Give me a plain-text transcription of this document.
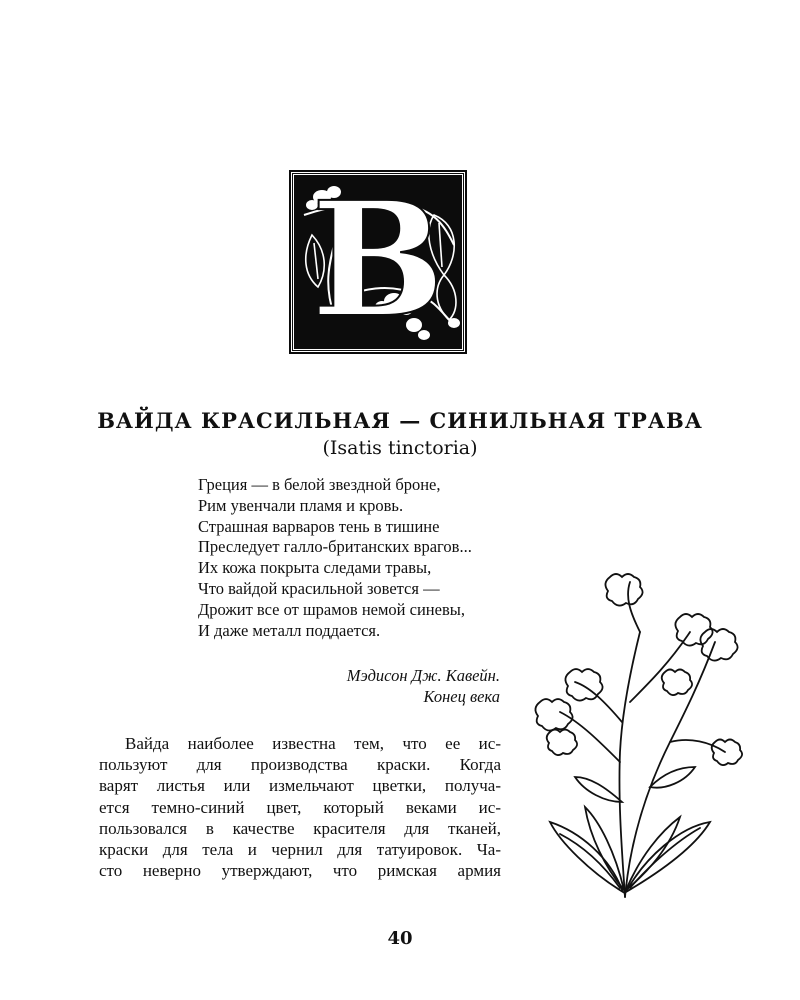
В
ВАЙДА КРАСИЛЬНАЯ — СИНИЛЬНАЯ ТРАВА
(Isatis tinctoria)
Греция — в белой звездной броне,
Рим увенчали пламя и кровь.
Страшная варваров тень в тишине
Преследует галло-британских врагов...
Их кожа покрыта следами травы,
Что вайдой красильной зовется —
Дрожит все от шрамов немой синевы,
И даже металл поддается.
Мэдисон Дж. Кавейн.
Конец века
Вайда наиболее известна тем, что ее ис-
пользуют для производства краски. Когда
варят листья или измельчают цветки, получа-
ется темно-синий цвет, который веками ис-
пользовался в качестве красителя для тканей,
краски для тела и чернил для татуировок. Ча-
сто неверно утверждают, что римская армия
40
